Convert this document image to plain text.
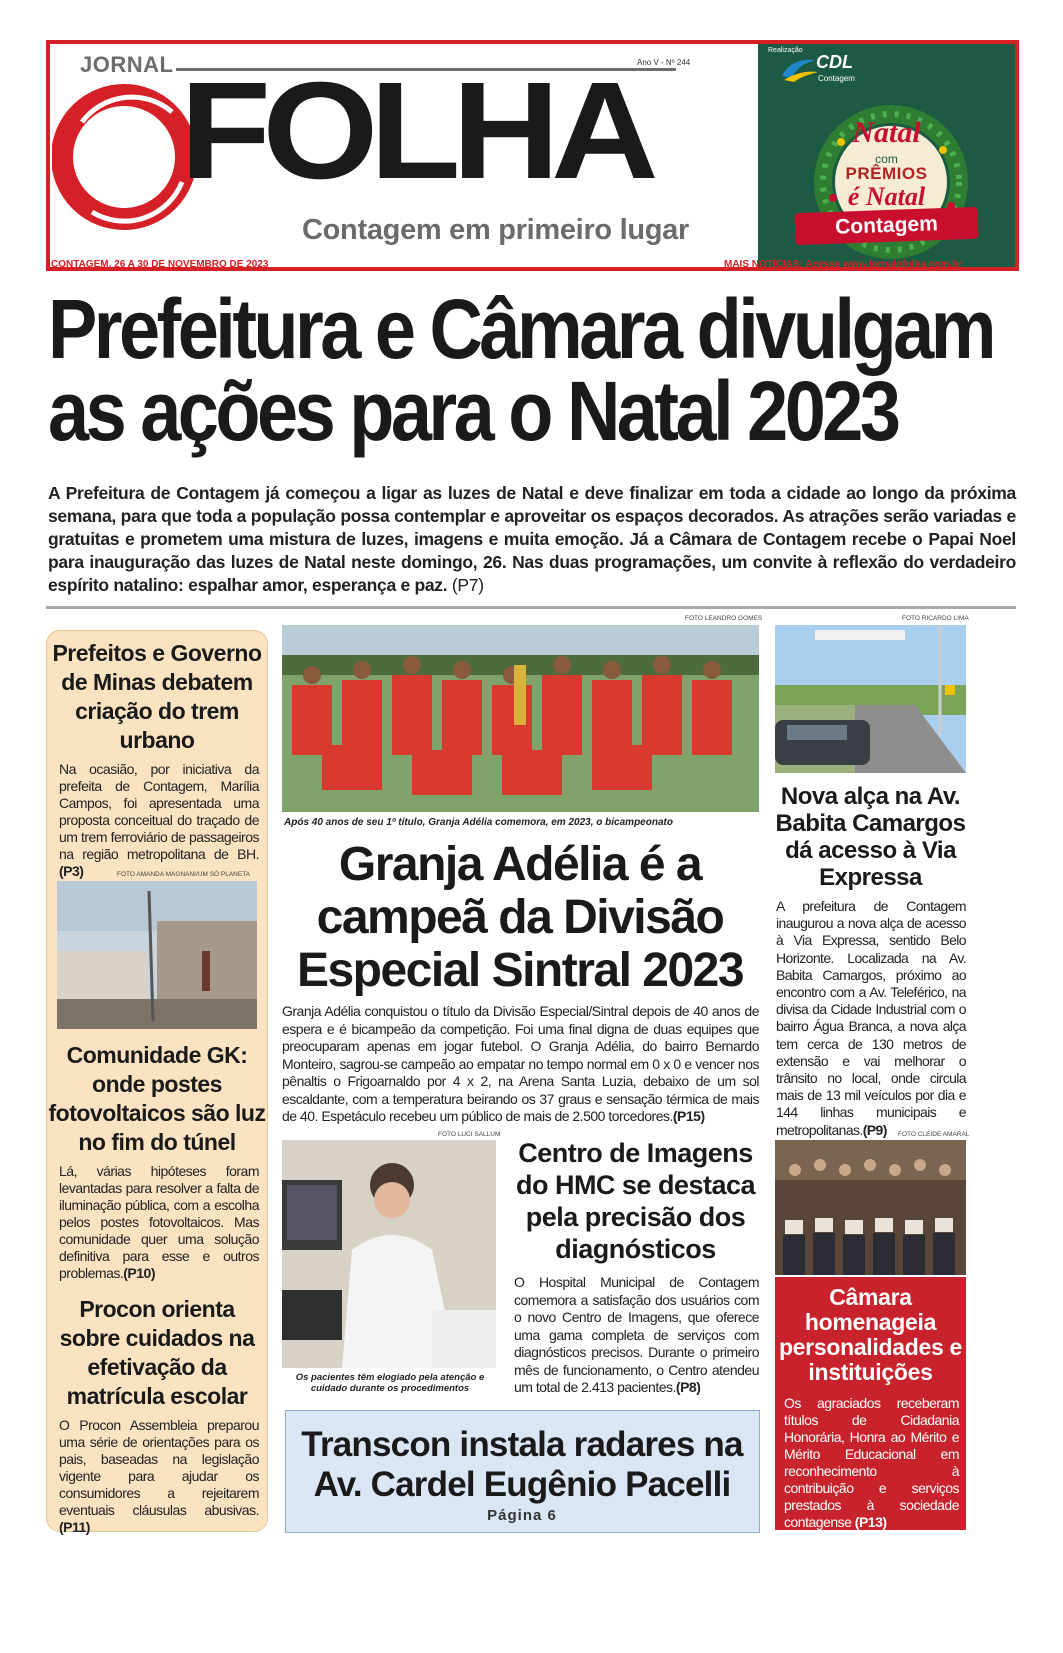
JORNAL	Ano V - Nº 244
FOLHA
Contagem em primeiro lugar
Realização
CDL
Contagem
Natal
com
PRÊMIOS
é Natal
Contagem
CONTAGEM, 26 A 30 DE NOVEMBRO DE 2023	MAIS NOTÍCIAS: Acesse www.jornalofolha.com.br
Prefeitura e Câmara divulgam
as ações para o Natal 2023
A Prefeitura de Contagem já começou a ligar as luzes de Natal e deve finalizar em toda a cidade ao longo da próxima semana, para que toda a população possa contemplar e aproveitar os espaços decorados. As atrações serão variadas e gratuitas e prometem uma mistura de luzes, imagens e muita emoção. Já a Câmara de Contagem recebe o Papai Noel para inauguração das luzes de Natal neste domingo, 26. Nas duas programações, um convite à reflexão do verdadeiro espírito natalino: espalhar amor, esperança e paz. (P7)
Prefeitos e Governo de Minas debatem criação do trem urbano
Na ocasião, por iniciativa da prefeita de Contagem, Marília Campos, foi apresentada uma proposta conceitual do traçado de um trem ferroviário de passageiros na região metropolitana de BH.(P3)	FOTO AMANDA MAGNANI/UM SÓ PLANETA
Comunidade GK: onde postes fotovoltaicos são luz no fim do túnel
Lá, várias hipóteses foram levantadas para resolver a falta de iluminação pública, com a escolha pelos postes fotovoltaicos. Mas comunidade quer uma solução definitiva para esse e outros problemas.(P10)
Procon orienta sobre cuidados na efetivação da matrícula escolar
O Procon Assembleia preparou uma série de orientações para os pais, baseadas na legislação vigente para ajudar os consumidores a rejeitarem eventuais cláusulas abusivas.(P11)
FOTO LEANDRO GOMES
Após 40 anos de seu 1º título, Granja Adélia comemora, em 2023, o bicampeonato
Granja Adélia é a campeã da Divisão Especial Sintral 2023
Granja Adélia conquistou o título da Divisão Especial/Sintral depois de 40 anos de espera e é bicampeão da competição. Foi uma final digna de duas equipes que preocuparam apenas em jogar futebol. O Granja Adélia, do bairro Bernardo Monteiro, sagrou-se campeão ao empatar no tempo normal em 0 x 0 e vencer nos pênaltis o Frigoarnaldo por 4 x 2, na Arena Santa Luzia, debaixo de um sol escaldante, com a temperatura beirando os 37 graus e sensação térmica de mais de 40. Espetáculo recebeu um público de mais de 2.500 torcedores.(P15)
FOTO LUCI SALLUM
Os pacientes têm elogiado pela atenção e cuidado durante os procedimentos
Centro de Imagens do HMC se destaca pela precisão dos diagnósticos
O Hospital Municipal de Contagem comemora a satisfação dos usuários com o novo Centro de Imagens, que oferece uma gama completa de serviços com diagnósticos precisos. Durante o primeiro mês de funcionamento, o Centro atendeu um total de 2.413 pacientes.(P8)
Transcon instala radares na Av. Cardel Eugênio Pacelli
Página 6
FOTO RICARDO LIMA
Nova alça na Av. Babita Camargos dá acesso à Via Expressa
A prefeitura de Contagem inaugurou a nova alça de acesso à Via Expressa, sentido Belo Horizonte. Localizada na Av. Babita Camargos, próximo ao encontro com a Av. Teleférico, na divisa da Cidade Industrial com o bairro Água Branca, a nova alça tem cerca de 130 metros de extensão e vai melhorar o trânsito no local, onde circula mais de 13 mil veículos por dia e 144 linhas municipais e metropolitanas.(P9)	FOTO CLEIDE AMARAL
Câmara homenageia personalidades e instituições
Os agraciados receberam títulos de Cidadania Honorária, Honra ao Mérito e Mérito Educacional em reconhecimento à contribuição e serviços prestados à sociedade contagense (P13)
